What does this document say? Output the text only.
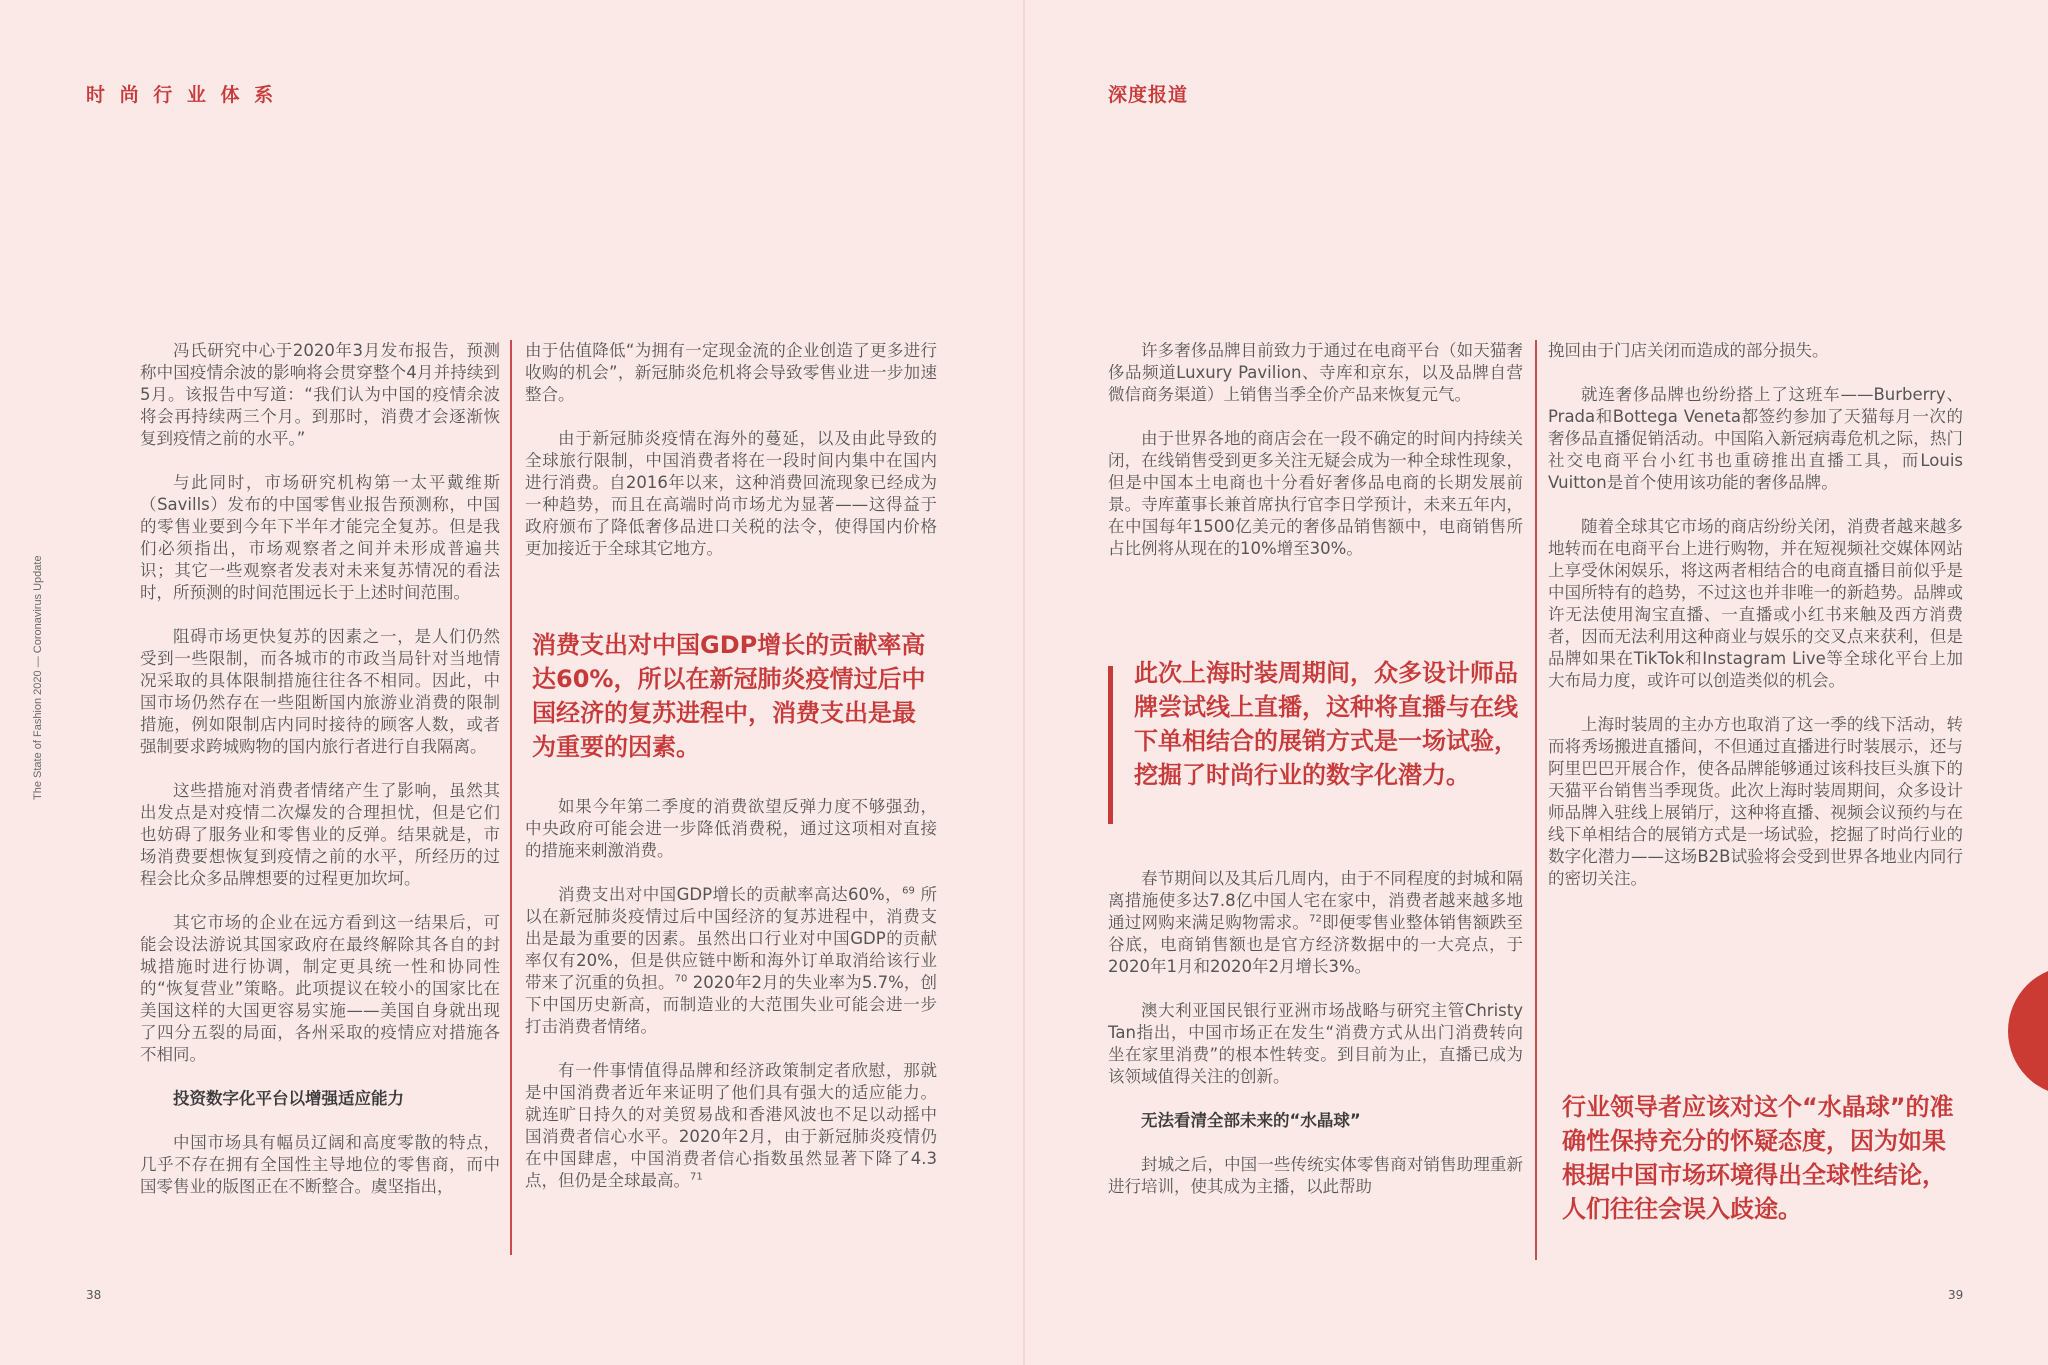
时 尚 行 业 体 系
The State of Fashion 2020 — Coronavirus Update

冯氏研究中心于2020年3月发布报告，预测称中国疫情余波的影响将会贯穿整个4月并持续到5月。该报告中写道：“我们认为中国的疫情余波将会再持续两三个月。到那时，消费才会逐渐恢复到疫情之前的水平。”

与此同时，市场研究机构第一太平戴维斯（Savills）发布的中国零售业报告预测称，中国的零售业要到今年下半年才能完全复苏。但是我们必须指出，市场观察者之间并未形成普遍共识；其它一些观察者发表对未来复苏情况的看法时，所预测的时间范围远长于上述时间范围。

阻碍市场更快复苏的因素之一，是人们仍然受到一些限制，而各城市的市政当局针对当地情况采取的具体限制措施往往各不相同。因此，中国市场仍然存在一些阻断国内旅游业消费的限制措施，例如限制店内同时接待的顾客人数，或者强制要求跨城购物的国内旅行者进行自我隔离。

这些措施对消费者情绪产生了影响，虽然其出发点是对疫情二次爆发的合理担忧，但是它们也妨碍了服务业和零售业的反弹。结果就是，市场消费要想恢复到疫情之前的水平，所经历的过程会比众多品牌想要的过程更加坎坷。

其它市场的企业在远方看到这一结果后，可能会设法游说其国家政府在最终解除其各自的封城措施时进行协调，制定更具统一性和协同性的“恢复营业”策略。此项提议在较小的国家比在美国这样的大国更容易实施——美国自身就出现了四分五裂的局面，各州采取的疫情应对措施各不相同。

投资数字化平台以增强适应能力

中国市场具有幅员辽阔和高度零散的特点，几乎不存在拥有全国性主导地位的零售商，而中国零售业的版图正在不断整合。虞坚指出，

由于估值降低“为拥有一定现金流的企业创造了更多进行收购的机会”，新冠肺炎危机将会导致零售业进一步加速整合。

由于新冠肺炎疫情在海外的蔓延，以及由此导致的全球旅行限制，中国消费者将在一段时间内集中在国内进行消费。自2016年以来，这种消费回流现象已经成为一种趋势，而且在高端时尚市场尤为显著——这得益于政府颁布了降低奢侈品进口关税的法令，使得国内价格更加接近于全球其它地方。

消费支出对中国GDP增长的贡献率高达60%，所以在新冠肺炎疫情过后中国经济的复苏进程中，消费支出是最为重要的因素。

如果今年第二季度的消费欲望反弹力度不够强劲，中央政府可能会进一步降低消费税，通过这项相对直接的措施来刺激消费。

消费支出对中国GDP增长的贡献率高达60%，$^{69}$ 所以在新冠肺炎疫情过后中国经济的复苏进程中，消费支出是最为重要的因素。虽然出口行业对中国GDP的贡献率仅有20%，但是供应链中断和海外订单取消给该行业带来了沉重的负担。$^{70}$ 2020年2月的失业率为5.7%，创下中国历史新高，而制造业的大范围失业可能会进一步打击消费者情绪。

有一件事情值得品牌和经济政策制定者欣慰，那就是中国消费者近年来证明了他们具有强大的适应能力。就连旷日持久的对美贸易战和香港风波也不足以动摇中国消费者信心水平。2020年2月，由于新冠肺炎疫情仍在中国肆虐，中国消费者信心指数虽然显著下降了4.3点，但仍是全球最高。$^{71}$

38
深度报道

许多奢侈品牌目前致力于通过在电商平台（如天猫奢侈品频道Luxury Pavilion、寺库和京东，以及品牌自营微信商务渠道）上销售当季全价产品来恢复元气。

由于世界各地的商店会在一段不确定的时间内持续关闭，在线销售受到更多关注无疑会成为一种全球性现象，但是中国本土电商也十分看好奢侈品电商的长期发展前景。寺库董事长兼首席执行官李日学预计，未来五年内，在中国每年1500亿美元的奢侈品销售额中，电商销售所占比例将从现在的10%增至30%。

此次上海时装周期间，众多设计师品牌尝试线上直播，这种将直播与在线下单相结合的展销方式是一场试验，挖掘了时尚行业的数字化潜力。

春节期间以及其后几周内，由于不同程度的封城和隔离措施使多达7.8亿中国人宅在家中，消费者越来越多地通过网购来满足购物需求。$^{72}$即便零售业整体销售额跌至谷底，电商销售额也是官方经济数据中的一大亮点，于2020年1月和2020年2月增长3%。

澳大利亚国民银行亚洲市场战略与研究主管Christy Tan指出，中国市场正在发生“消费方式从出门消费转向坐在家里消费”的根本性转变。到目前为止，直播已成为该领域值得关注的创新。

无法看清全部未来的“水晶球”

封城之后，中国一些传统实体零售商对销售助理重新进行培训，使其成为主播，以此帮助

挽回由于门店关闭而造成的部分损失。

就连奢侈品牌也纷纷搭上了这班车——Burberry、Prada和Bottega Veneta都签约参加了天猫每月一次的奢侈品直播促销活动。中国陷入新冠病毒危机之际，热门社交电商平台小红书也重磅推出直播工具，而Louis Vuitton是首个使用该功能的奢侈品牌。

随着全球其它市场的商店纷纷关闭，消费者越来越多地转而在电商平台上进行购物，并在短视频社交媒体网站上享受休闲娱乐，将这两者相结合的电商直播目前似乎是中国所特有的趋势，不过这也并非唯一的新趋势。品牌或许无法使用淘宝直播、一直播或小红书来触及西方消费者，因而无法利用这种商业与娱乐的交叉点来获利，但是品牌如果在TikTok和Instagram Live等全球化平台上加大布局力度，或许可以创造类似的机会。

上海时装周的主办方也取消了这一季的线下活动，转而将秀场搬进直播间，不但通过直播进行时装展示，还与阿里巴巴开展合作，使各品牌能够通过该科技巨头旗下的天猫平台销售当季现货。此次上海时装周期间，众多设计师品牌入驻线上展销厅，这种将直播、视频会议预约与在线下单相结合的展销方式是一场试验，挖掘了时尚行业的数字化潜力——这场B2B试验将会受到世界各地业内同行的密切关注。

行业领导者应该对这个“水晶球”的准确性保持充分的怀疑态度，因为如果根据中国市场环境得出全球性结论，人们往往会误入歧途。

39
